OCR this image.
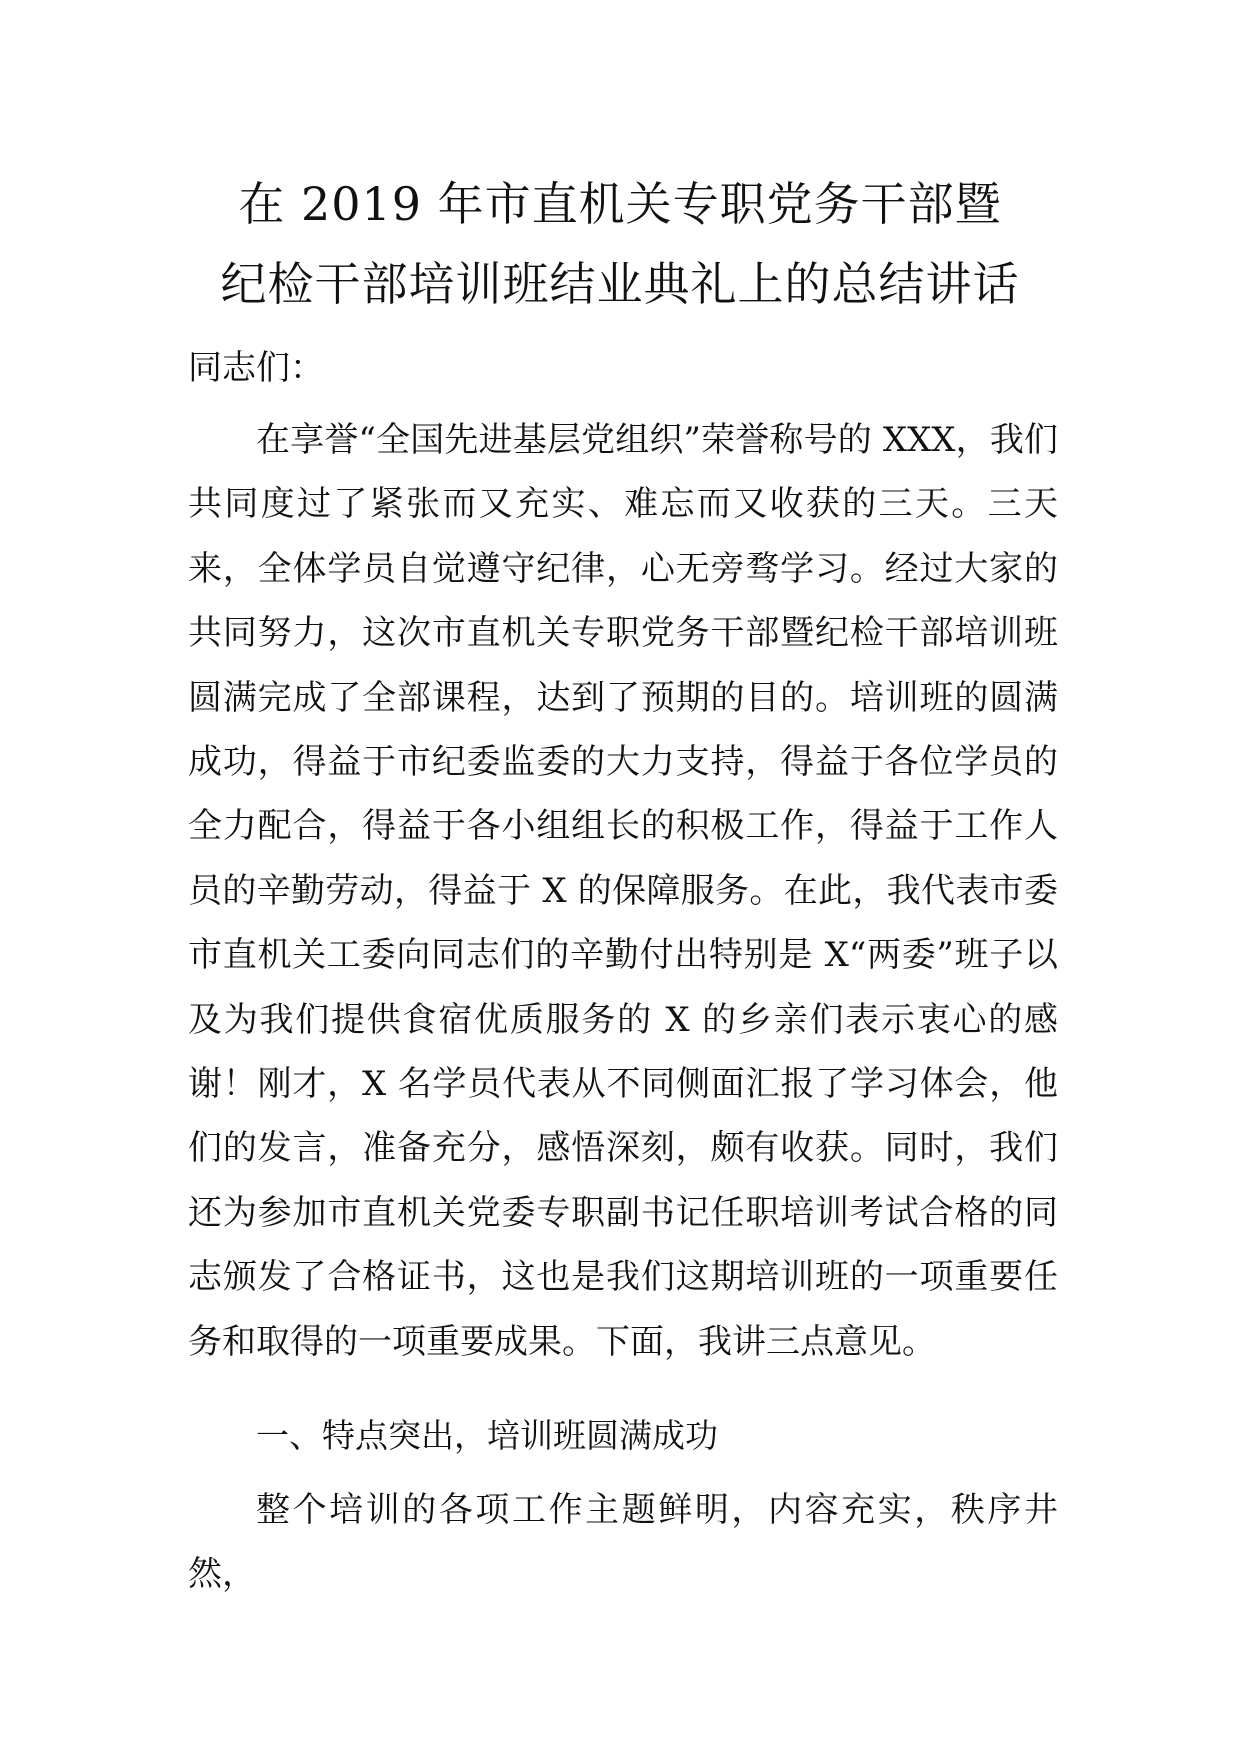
在 2019 年市直机关专职党务干部暨
纪检干部培训班结业典礼上的总结讲话

同志们：

在享誉“全国先进基层党组织”荣誉称号的 XXX，我们共同度过了紧张而又充实、难忘而又收获的三天。三天来，全体学员自觉遵守纪律，心无旁骛学习。经过大家的共同努力，这次市直机关专职党务干部暨纪检干部培训班圆满完成了全部课程，达到了预期的目的。培训班的圆满成功，得益于市纪委监委的大力支持，得益于各位学员的全力配合，得益于各小组组长的积极工作，得益于工作人员的辛勤劳动，得益于 X 的保障服务。在此，我代表市委市直机关工委向同志们的辛勤付出特别是 X“两委”班子以及为我们提供食宿优质服务的 X 的乡亲们表示衷心的感谢！刚才，X 名学员代表从不同侧面汇报了学习体会，他们的发言，准备充分，感悟深刻，颇有收获。同时，我们还为参加市直机关党委专职副书记任职培训考试合格的同志颁发了合格证书，这也是我们这期培训班的一项重要任务和取得的一项重要成果。下面，我讲三点意见。

一、特点突出，培训班圆满成功

整个培训的各项工作主题鲜明，内容充实，秩序井然，
